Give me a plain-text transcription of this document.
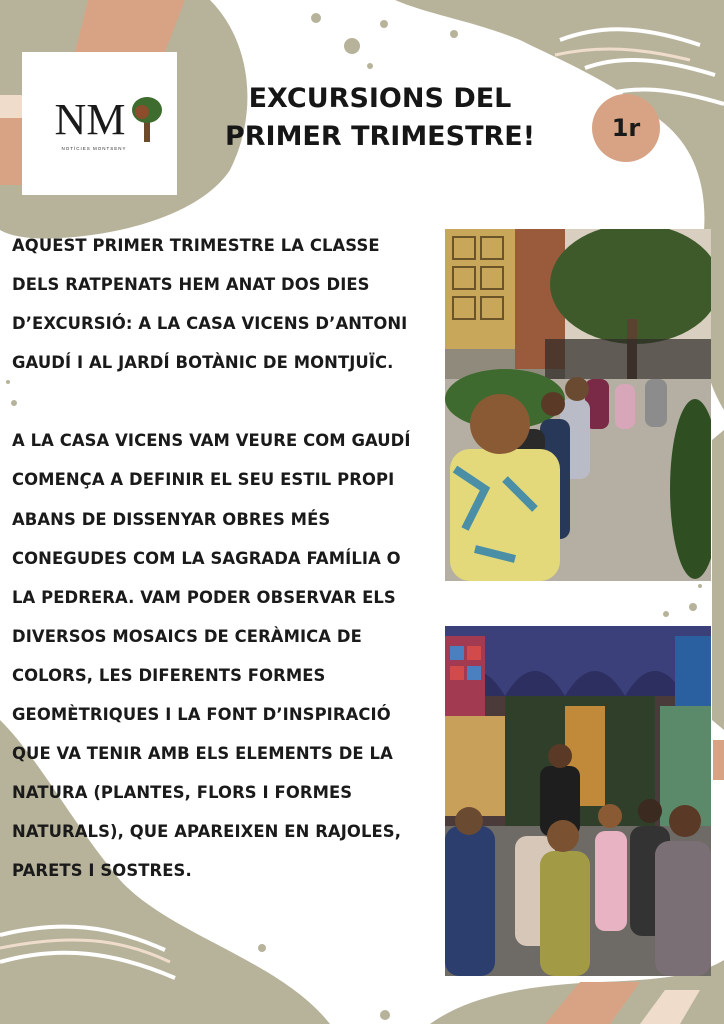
NM
NOTÍCIES MONTSENY
EXCURSIONS DEL
PRIMER TRIMESTRE!	1r

AQUEST PRIMER TRIMESTRE LA CLASSE
DELS RATPENATS HEM ANAT DOS DIES
D’EXCURSIÓ: A LA CASA VICENS D’ANTONI
GAUDÍ I AL JARDÍ BOTÀNIC DE MONTJUÏC.

A LA CASA VICENS VAM VEURE COM GAUDÍ
COMENÇA A DEFINIR EL SEU ESTIL PROPI
ABANS DE DISSENYAR OBRES MÉS
CONEGUDES COM LA SAGRADA FAMÍLIA O
LA PEDRERA. VAM PODER OBSERVAR ELS
DIVERSOS MOSAICS DE CERÀMICA DE
COLORS, LES DIFERENTS FORMES
GEOMÈTRIQUES I LA FONT D’INSPIRACIÓ
QUE VA TENIR AMB ELS ELEMENTS DE LA
NATURA (PLANTES, FLORS I FORMES
NATURALS), QUE APAREIXEN EN RAJOLES,
PARETS I SOSTRES.
